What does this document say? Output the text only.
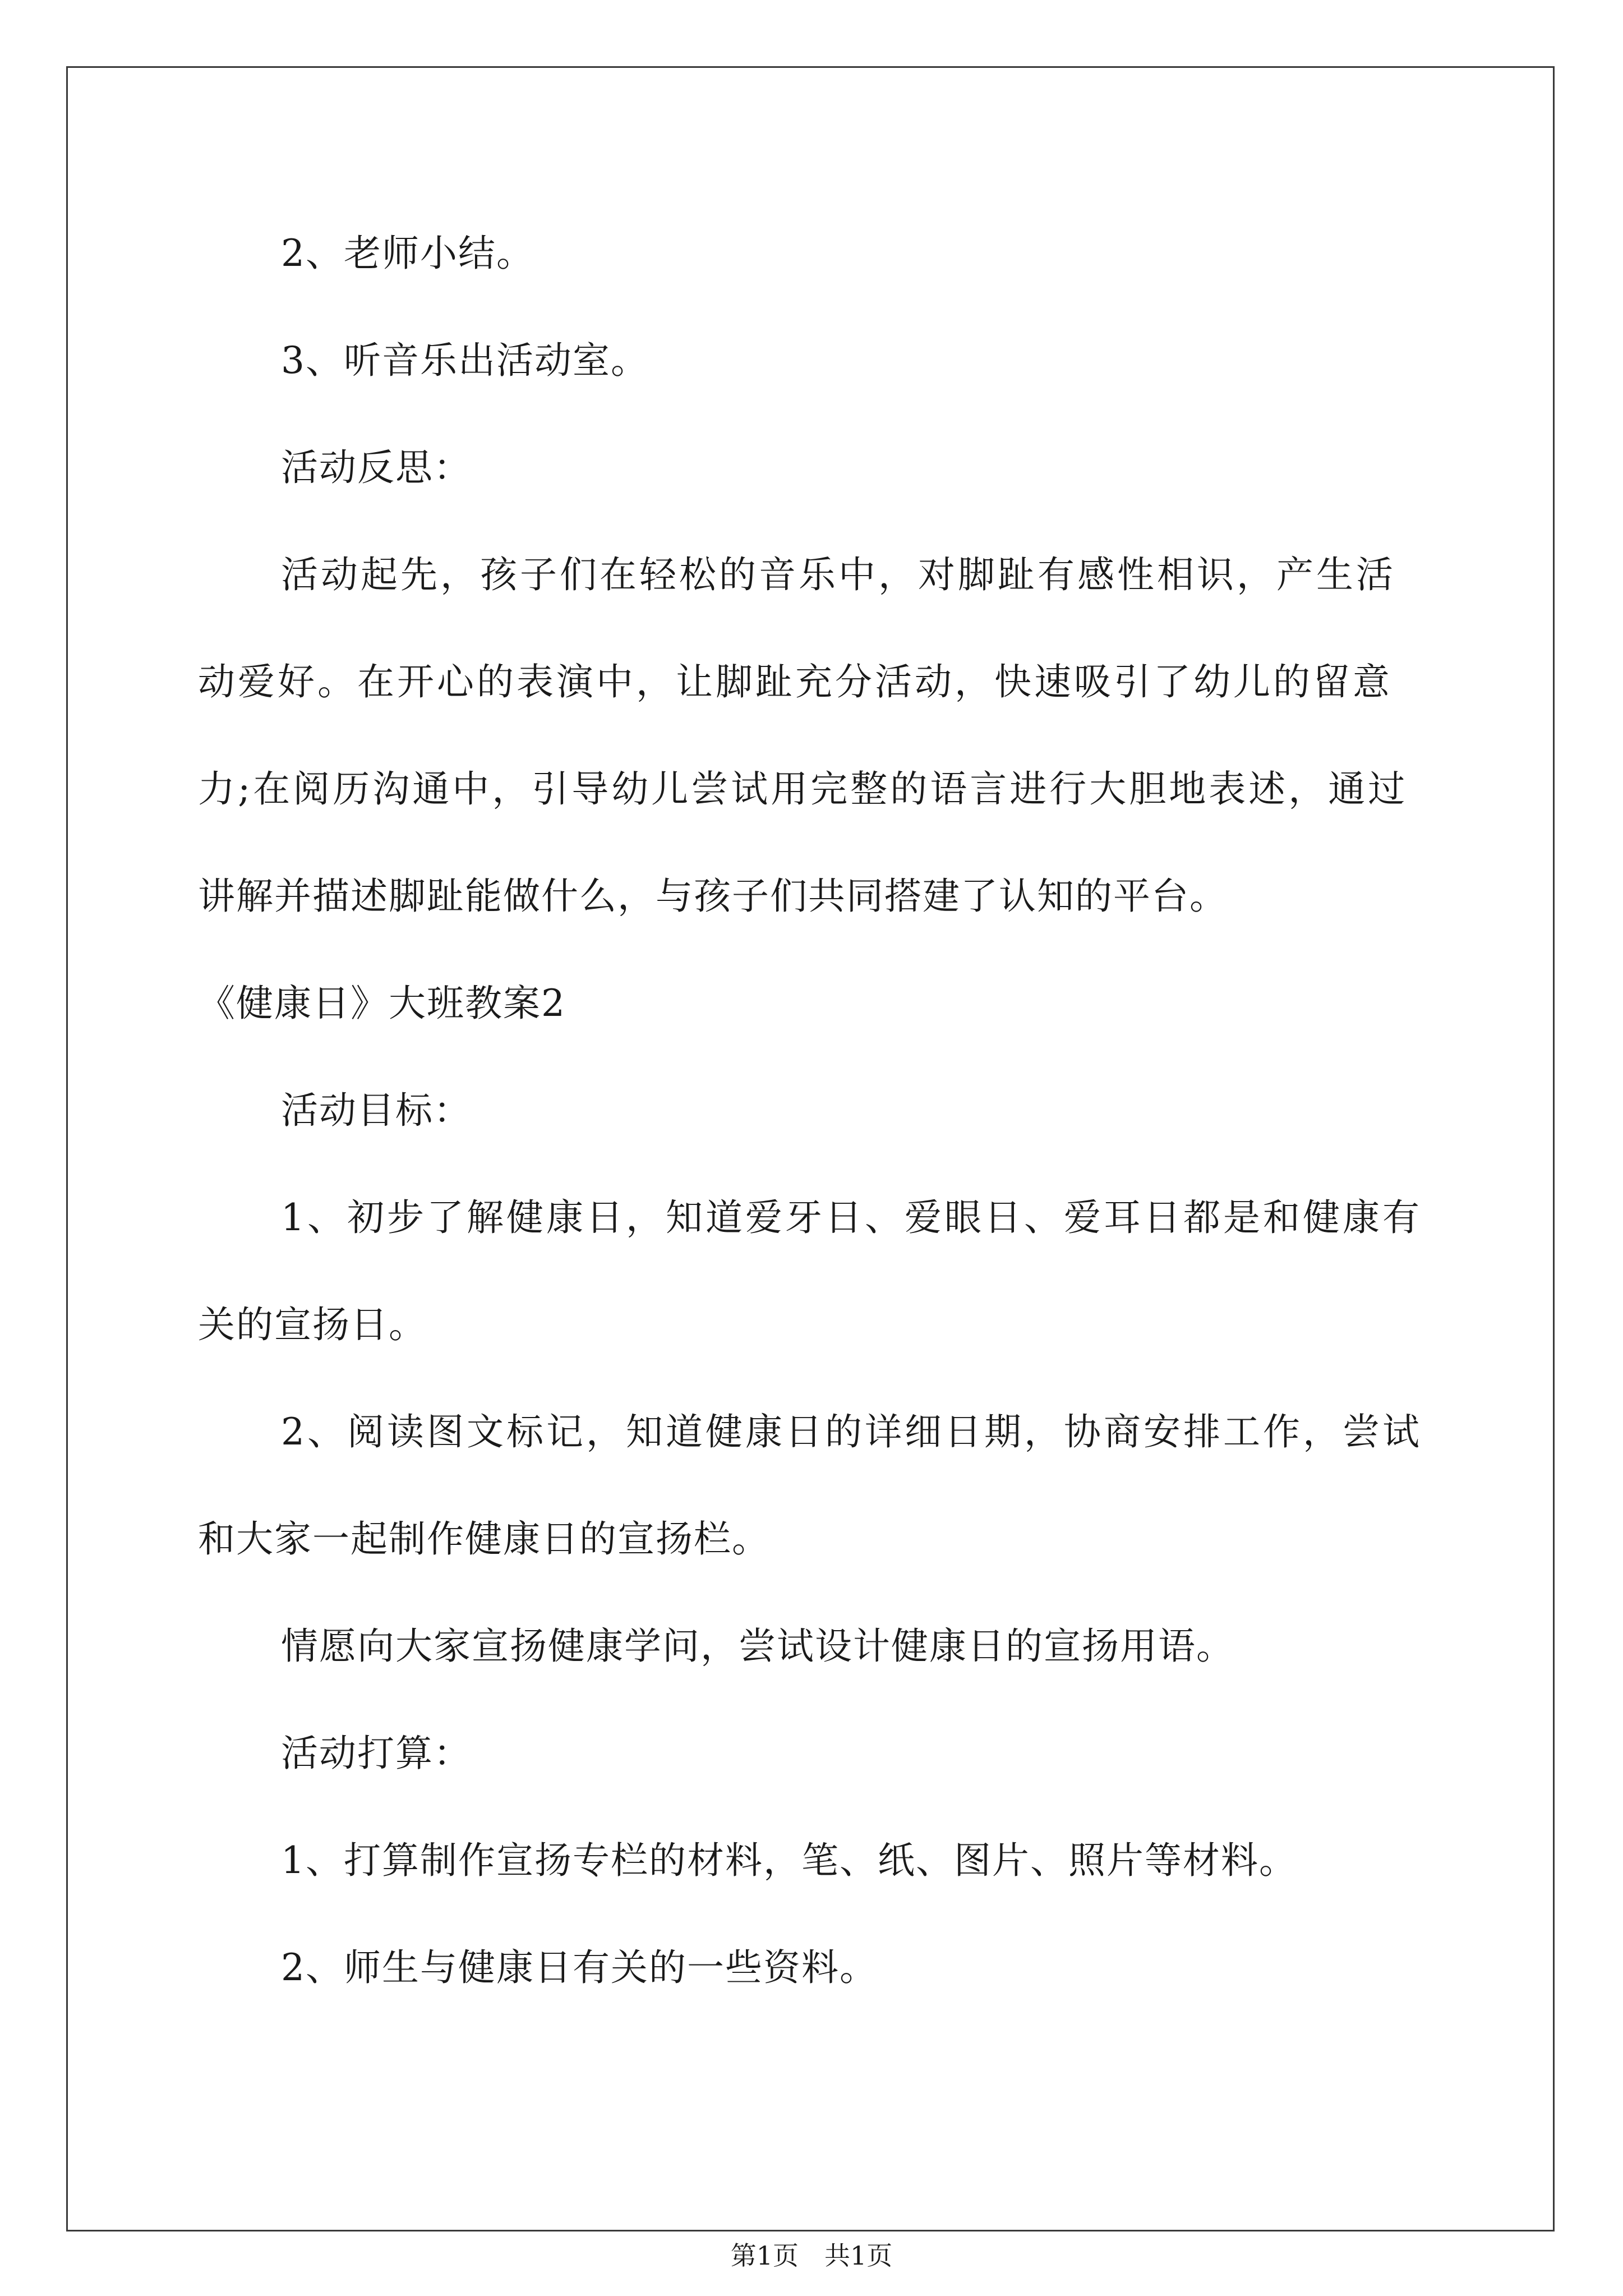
2、老师小结。
3、听音乐出活动室。
活动反思：
活动起先，孩子们在轻松的音乐中，对脚趾有感性相识，产生活
动爱好。在开心的表演中，让脚趾充分活动，快速吸引了幼儿的留意
力;在阅历沟通中，引导幼儿尝试用完整的语言进行大胆地表述，通过
讲解并描述脚趾能做什么，与孩子们共同搭建了认知的平台。
《健康日》大班教案2
活动目标：
1、初步了解健康日，知道爱牙日、爱眼日、爱耳日都是和健康有
关的宣扬日。
2、阅读图文标记，知道健康日的详细日期，协商安排工作，尝试
和大家一起制作健康日的宣扬栏。
情愿向大家宣扬健康学问，尝试设计健康日的宣扬用语。
活动打算：
1、打算制作宣扬专栏的材料，笔、纸、图片、照片等材料。
2、师生与健康日有关的一些资料。
第1页　共1页
